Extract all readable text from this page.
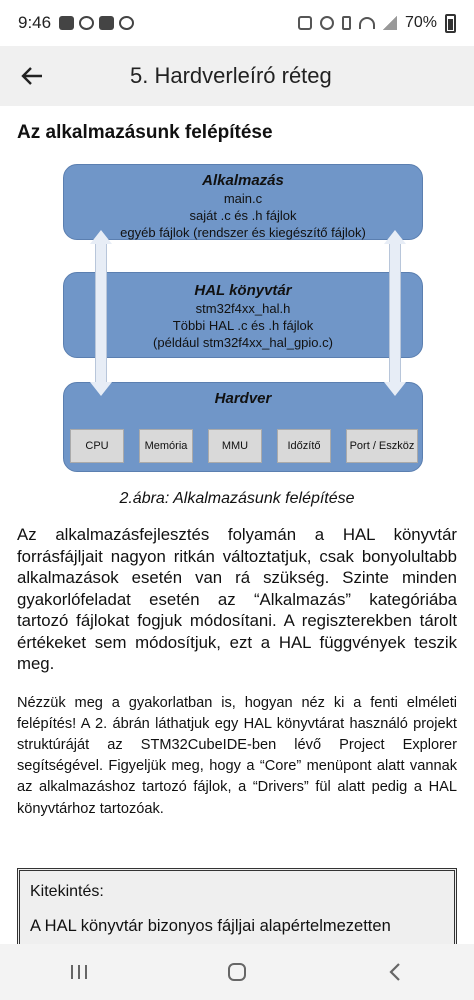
9:46	70%
5. Hardverleíró réteg
Az alkalmazásunk felépítése
Alkalmazás
main.c
saját .c és .h fájlok
egyéb fájlok (rendszer és kiegészítő fájlok)
HAL könyvtár
stm32f4xx_hal.h
Többi HAL .c és .h fájlok
(például stm32f4xx_hal_gpio.c)
Hardver
CPU	Memória	MMU	Időzítő	Port / Eszköz
2.ábra: Alkalmazásunk felépítése

Az alkalmazásfejlesztés folyamán a HAL könyvtár forrásfájljait nagyon ritkán változtatjuk, csak bonyolultabb alkalmazások esetén van rá szükség. Szinte minden gyakorlófeladat esetén az “Alkalmazás” kategóriába tartozó fájlokat fogjuk módosítani. A regiszterekben tárolt értékeket sem módosítjuk, ezt a HAL függvények teszik meg.

Nézzük meg a gyakorlatban is, hogyan néz ki a fenti elméleti felépítés! A 2. ábrán láthatjuk egy HAL könyvtárat használó projekt struktúráját az STM32CubeIDE-ben lévő Project Explorer segítségével. Figyeljük meg, hogy a “Core” menüpont alatt vannak az alkalmazáshoz tartozó fájlok, a “Drivers” fül alatt pedig a HAL könyvtárhoz tartozóak.

Kitekintés:
A HAL könyvtár bizonyos fájljai alapértelmezetten
